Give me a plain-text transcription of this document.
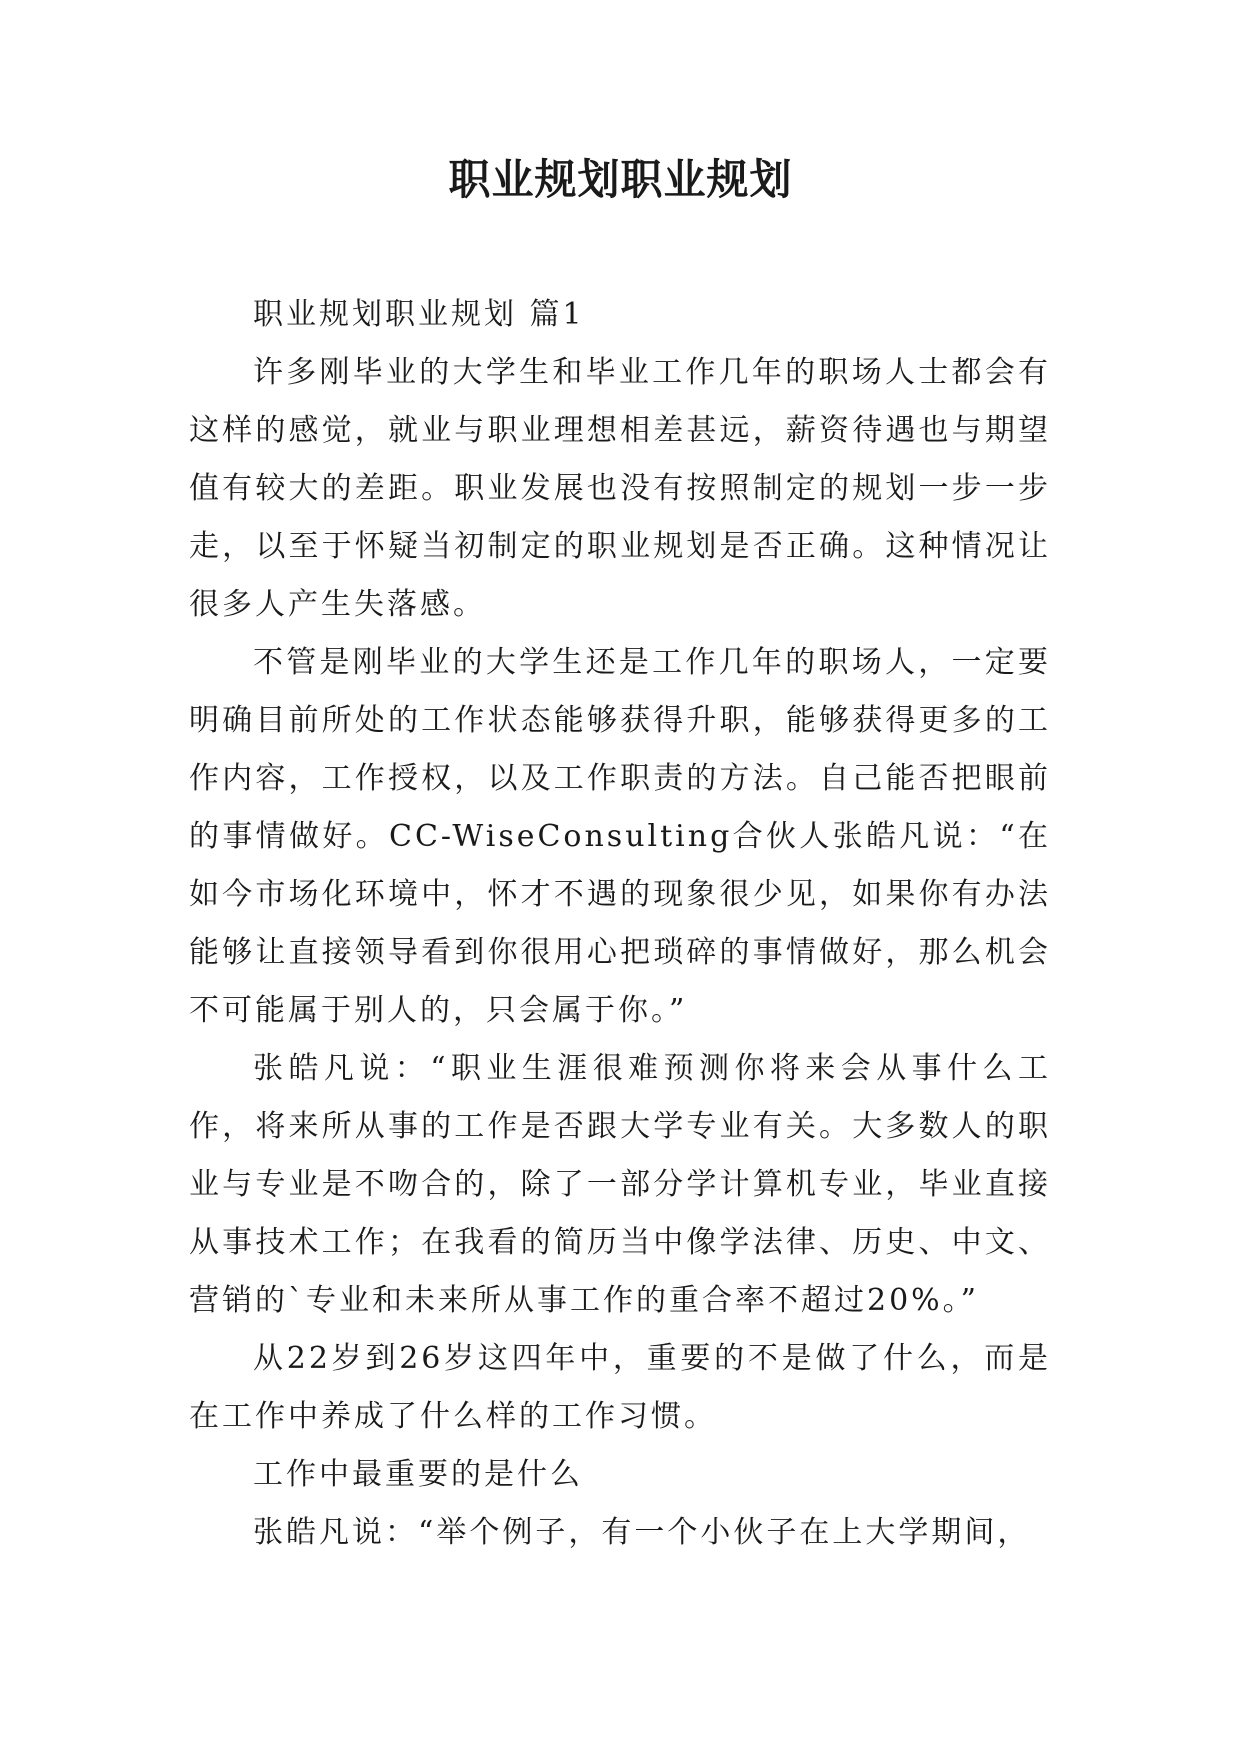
职业规划职业规划

职业规划职业规划 篇1

许多刚毕业的大学生和毕业工作几年的职场人士都会有这样的感觉，就业与职业理想相差甚远，薪资待遇也与期望值有较大的差距。职业发展也没有按照制定的规划一步一步走，以至于怀疑当初制定的职业规划是否正确。这种情况让很多人产生失落感。

不管是刚毕业的大学生还是工作几年的职场人，一定要明确目前所处的工作状态能够获得升职，能够获得更多的工作内容，工作授权，以及工作职责的方法。自己能否把眼前的事情做好。CC-WiseConsulting合伙人张皓凡说：“在如今市场化环境中，怀才不遇的现象很少见，如果你有办法能够让直接领导看到你很用心把琐碎的事情做好，那么机会不可能属于别人的，只会属于你。”

张皓凡说：“职业生涯很难预测你将来会从事什么工作，将来所从事的工作是否跟大学专业有关。大多数人的职业与专业是不吻合的，除了一部分学计算机专业，毕业直接从事技术工作；在我看的简历当中像学法律、历史、中文、营销的`专业和未来所从事工作的重合率不超过20%。”

从22岁到26岁这四年中，重要的不是做了什么，而是在工作中养成了什么样的工作习惯。

工作中最重要的是什么

张皓凡说：“举个例子，有一个小伙子在上大学期间，
